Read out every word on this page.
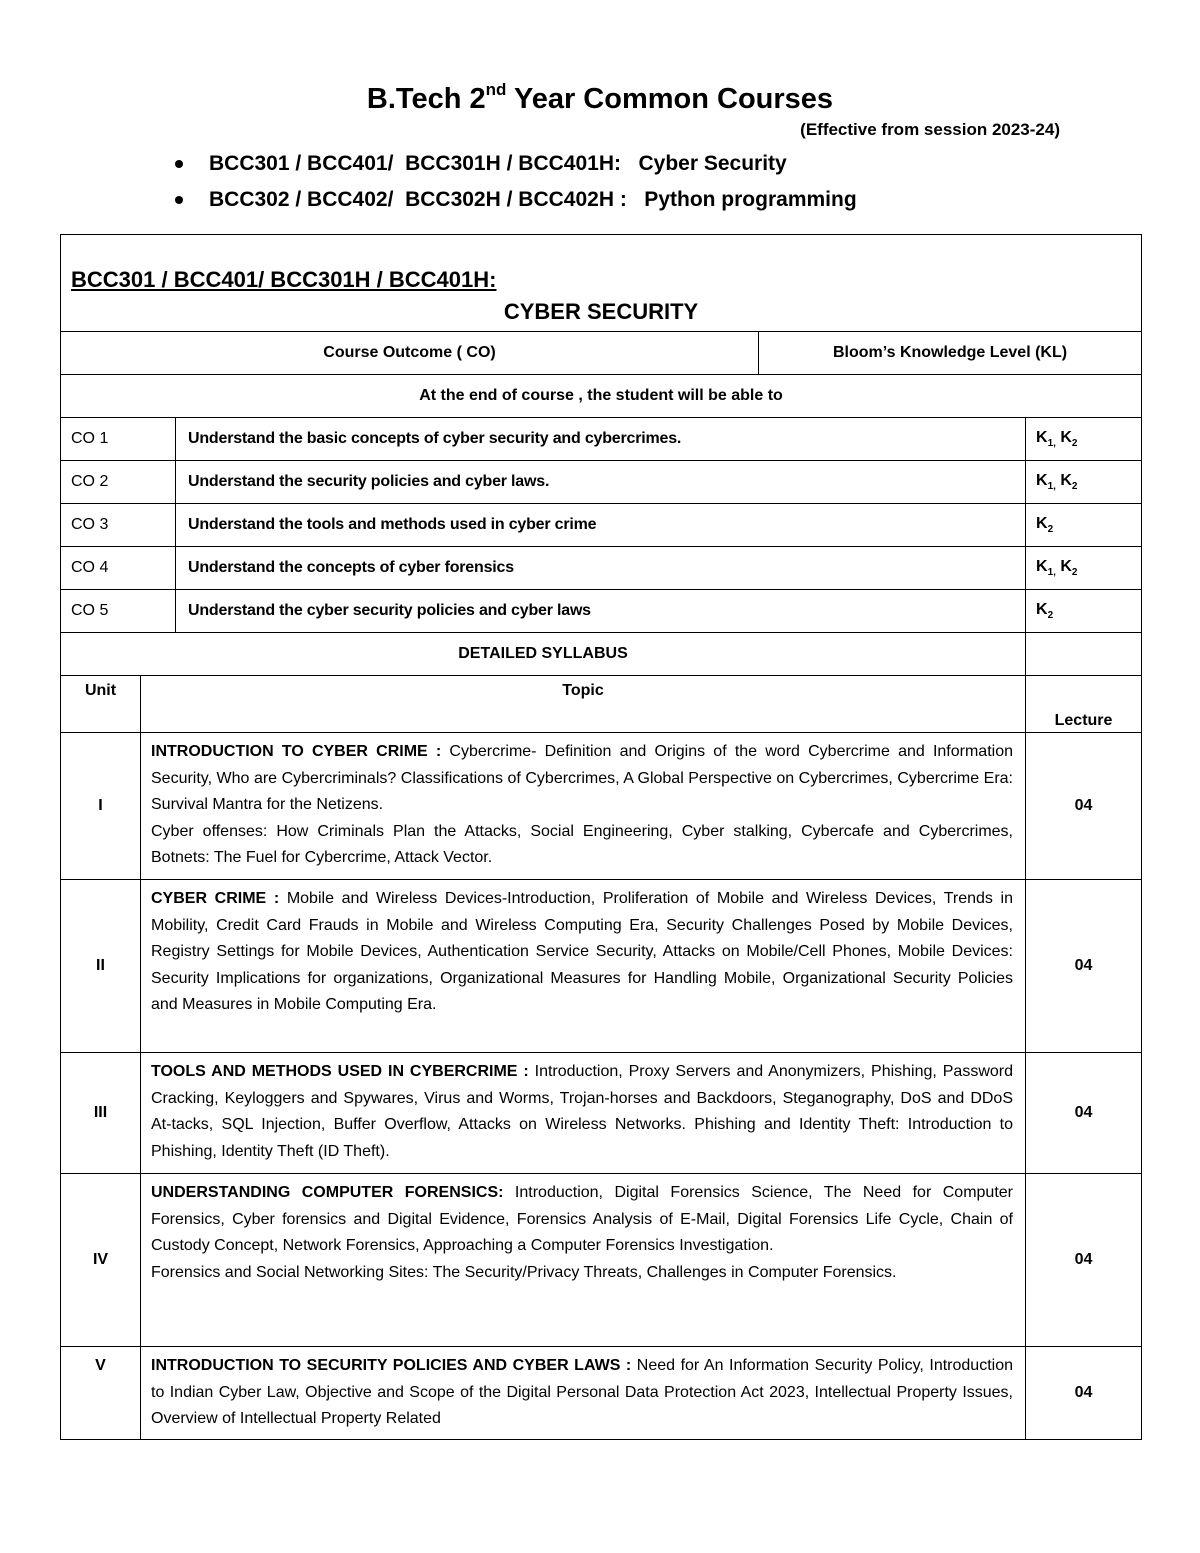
B.Tech 2nd Year Common Courses
(Effective from session 2023-24)
BCC301 / BCC401/  BCC301H / BCC401H:   Cyber Security
BCC302 / BCC402/  BCC302H / BCC402H :   Python programming
BCC301 / BCC401/ BCC301H / BCC401H:
CYBER SECURITY

Course Outcome ( CO)	Bloom’s Knowledge Level (KL)

At the end of course , the student will be able to
CO 1	Understand the basic concepts of cyber security and cybercrimes.	$K_{1,}$ $K_2$
CO 2	Understand the security policies and cyber laws.	$K_{1,}$ $K_2$
CO 3	Understand the tools and methods used in cyber crime	$K_2$
CO 4	Understand the concepts of cyber forensics	$K_{1,}$ $K_2$
CO 5	Understand the cyber security policies and cyber laws	$K_2$
DETAILED SYLLABUS	
Unit	Topic	Lecture
I	INTRODUCTION TO CYBER CRIME : Cybercrime- Definition and Origins of the word Cybercrime and Information Security, Who are Cybercriminals? Classifications of Cybercrimes, A Global Perspective on Cybercrimes, Cybercrime Era: Survival Mantra for the Netizens.
Cyber offenses: How Criminals Plan the Attacks, Social Engineering, Cyber stalking, Cybercafe and Cybercrimes, Botnets: The Fuel for Cybercrime, Attack Vector.	04
II	CYBER CRIME : Mobile and Wireless Devices-Introduction, Proliferation of Mobile and Wireless Devices, Trends in Mobility, Credit Card Frauds in Mobile and Wireless Computing Era, Security Challenges Posed by Mobile Devices, Registry Settings for Mobile Devices, Authentication Service Security, Attacks on Mobile/Cell Phones, Mobile Devices: Security Implications for organizations, Organizational Measures for Handling Mobile, Organizational Security Policies and Measures in Mobile Computing Era.	04
III	TOOLS AND METHODS USED IN CYBERCRIME : Introduction, Proxy Servers and Anonymizers, Phishing, Password Cracking, Keyloggers and Spywares, Virus and Worms, Trojan-horses and Backdoors, Steganography, DoS and DDoS At-tacks, SQL Injection, Buffer Overflow, Attacks on Wireless Networks. Phishing and Identity Theft: Introduction to Phishing, Identity Theft (ID Theft).	04
IV	UNDERSTANDING COMPUTER FORENSICS: Introduction, Digital Forensics Science, The Need for Computer Forensics, Cyber forensics and Digital Evidence, Forensics Analysis of E-Mail, Digital Forensics Life Cycle, Chain of Custody Concept, Network Forensics, Approaching a Computer Forensics Investigation.
Forensics and Social Networking Sites: The Security/Privacy Threats, Challenges in Computer Forensics.	04
V	INTRODUCTION TO SECURITY POLICIES AND CYBER LAWS : Need for An Information Security Policy, Introduction to Indian Cyber Law, Objective and Scope of the Digital Personal Data Protection Act 2023, Intellectual Property Issues, Overview of Intellectual Property Related	04
